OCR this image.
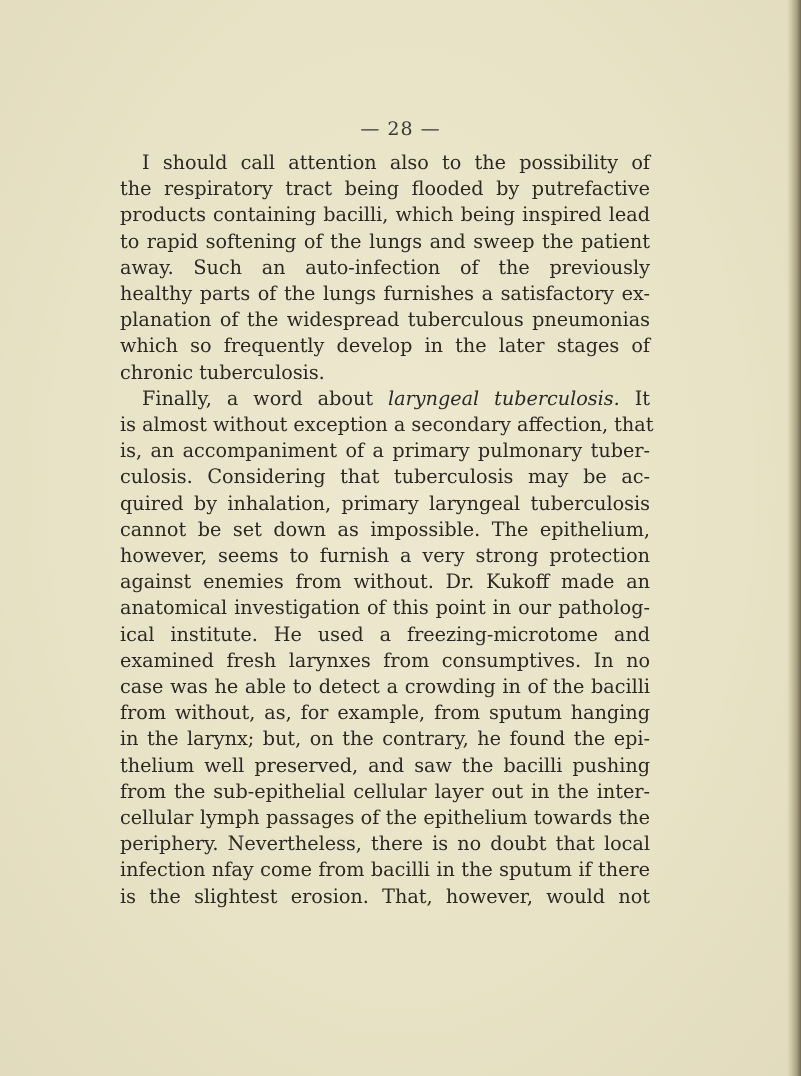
— 28 —
I should call attention also to the possibility of
the respiratory tract being flooded by putrefactive
products containing bacilli, which being inspired lead
to rapid softening of the lungs and sweep the patient
away. Such an auto-infection of the previously
healthy parts of the lungs furnishes a satisfactory ex-
planation of the widespread tuberculous pneumonias
which so frequently develop in the later stages of
chronic tuberculosis.
Finally, a word about laryngeal tuberculosis. It
is almost without exception a secondary affection, that
is, an accompaniment of a primary pulmonary tuber-
culosis. Considering that tuberculosis may be ac-
quired by inhalation, primary laryngeal tuberculosis
cannot be set down as impossible. The epithelium,
however, seems to furnish a very strong protection
against enemies from without. Dr. Kukoff made an
anatomical investigation of this point in our patholog-
ical institute. He used a freezing-microtome and
examined fresh larynxes from consumptives. In no
case was he able to detect a crowding in of the bacilli
from without, as, for example, from sputum hanging
in the larynx; but, on the contrary, he found the epi-
thelium well preserved, and saw the bacilli pushing
from the sub-epithelial cellular layer out in the inter-
cellular lymph passages of the epithelium towards the
periphery. Nevertheless, there is no doubt that local
infection nfay come from bacilli in the sputum if there
is the slightest erosion. That, however, would not
